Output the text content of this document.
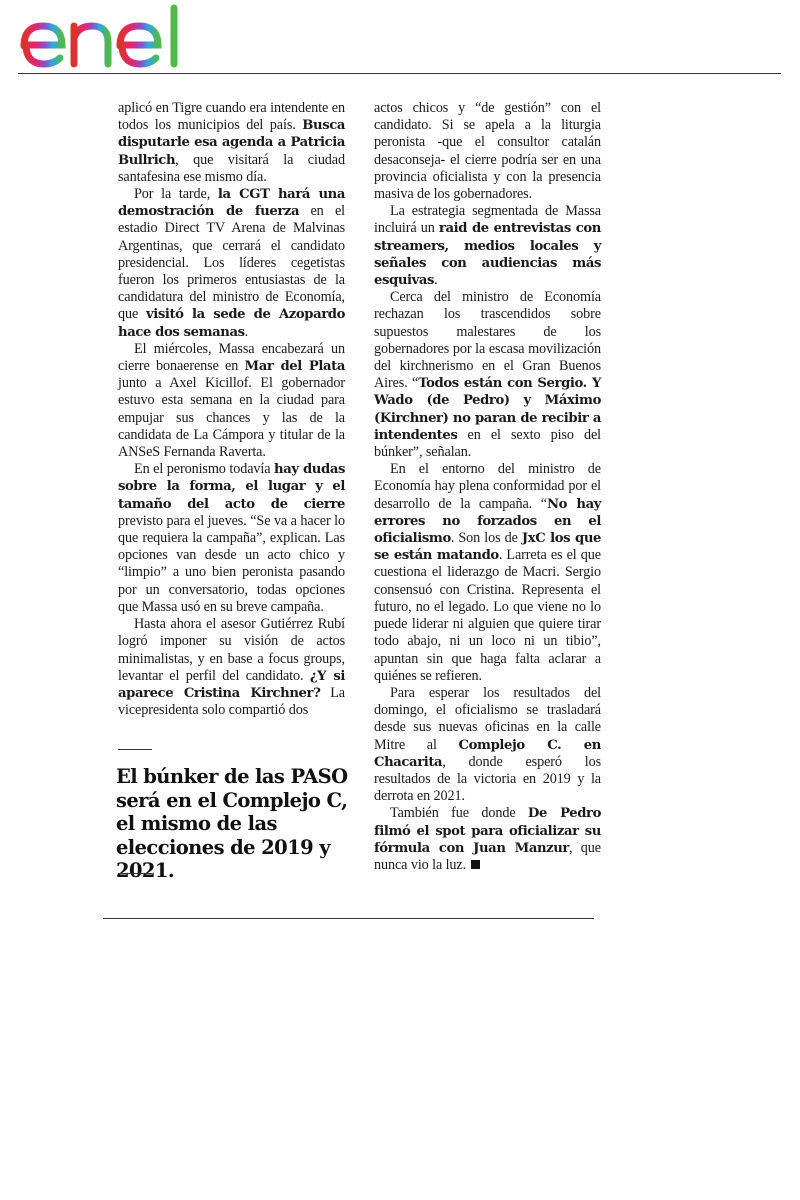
aplicó en Tigre cuando era intendente en todos los municipios del país. Busca disputarle esa agenda a Patricia Bullrich, que visitará la ciudad santafesina ese mismo día.

Por la tarde, la CGT hará una demostración de fuerza en el estadio Direct TV Arena de Malvinas Argentinas, que cerrará el candidato presidencial. Los líderes cegetistas fueron los primeros entusiastas de la candidatura del ministro de Economía, que visitó la sede de Azopardo hace dos semanas.

El miércoles, Massa encabezará un cierre bonaerense en Mar del Plata junto a Axel Kicillof. El gobernador estuvo esta semana en la ciudad para empujar sus chances y las de la candidata de La Cámpora y titular de la ANSeS Fernanda Raverta.

En el peronismo todavía hay dudas sobre la forma, el lugar y el tamaño del acto de cierre previsto para el jueves. “Se va a hacer lo que requiera la campaña”, explican. Las opciones van desde un acto chico y “limpio” a uno bien peronista pasando por un conversatorio, todas opciones que Massa usó en su breve campaña.

Hasta ahora el asesor Gutiérrez Rubí logró imponer su visión de actos minimalistas, y en base a focus groups, levantar el perfil del candidato. ¿Y si aparece Cristina Kirchner? La vicepresidenta solo compartió dos

El búnker de las PASO será en el Complejo C, el mismo de las elecciones de 2019 y 2021.

actos chicos y “de gestión” con el candidato. Si se apela a la liturgia peronista -que el consultor catalán desaconseja- el cierre podría ser en una provincia oficialista y con la presencia masiva de los gobernadores.

La estrategia segmentada de Massa incluirá un raid de entrevistas con streamers, medios locales y señales con audiencias más esquivas.

Cerca del ministro de Economía rechazan los trascendidos sobre supuestos malestares de los gobernadores por la escasa movilización del kirchnerismo en el Gran Buenos Aires. “Todos están con Sergio. Y Wado (de Pedro) y Máximo (Kirchner) no paran de recibir a intendentes en el sexto piso del búnker”, señalan.

En el entorno del ministro de Economía hay plena conformidad por el desarrollo de la campaña. “No hay errores no forzados en el oficialismo. Son los de JxC los que se están matando. Larreta es el que cuestiona el liderazgo de Macri. Sergio consensuó con Cristina. Representa el futuro, no el legado. Lo que viene no lo puede liderar ni alguien que quiere tirar todo abajo, ni un loco ni un tibio”, apuntan sin que haga falta aclarar a quiénes se refieren.

Para esperar los resultados del domingo, el oficialismo se trasladará desde sus nuevas oficinas en la calle Mitre al Complejo C. en Chacarita, donde esperó los resultados de la victoria en 2019 y la derrota en 2021.

También fue donde De Pedro filmó el spot para oficializar su fórmula con Juan Manzur, que nunca vio la luz.
